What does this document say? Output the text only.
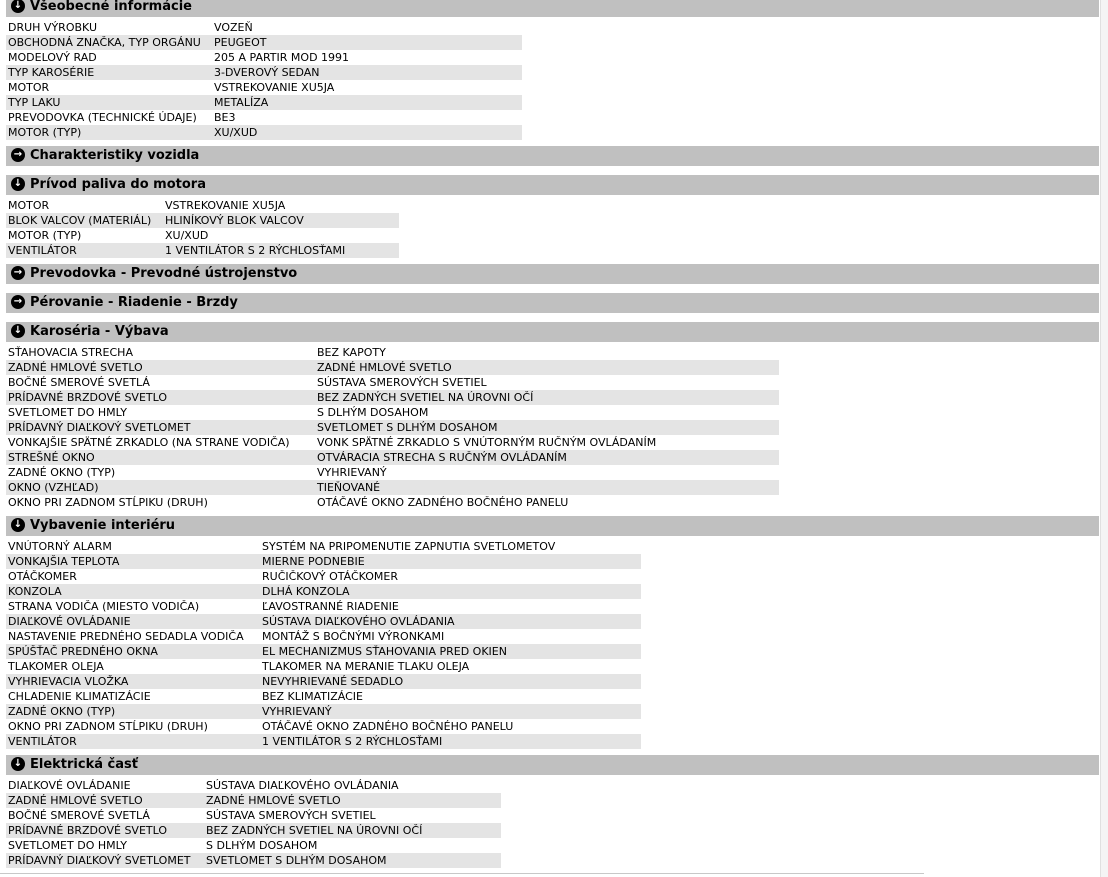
↓ Všeobecné informácie
DRUH VÝROBKU	VOZEŇ
OBCHODNÁ ZNAČKA, TYP ORGÁNU	PEUGEOT
MODELOVÝ RAD	205 A PARTIR MOD 1991
TYP KAROSÉRIE	3-DVEROVÝ SEDAN
MOTOR	VSTREKOVANIE XU5JA
TYP LAKU	METALÍZA
PREVODOVKA (TECHNICKÉ ÚDAJE)	BE3
MOTOR (TYP)	XU/XUD
→ Charakteristiky vozidla
↓ Prívod paliva do motora
MOTOR	VSTREKOVANIE XU5JA
BLOK VALCOV (MATERIÁL)	HLINÍKOVÝ BLOK VALCOV
MOTOR (TYP)	XU/XUD
VENTILÁTOR	1 VENTILÁTOR S 2 RÝCHLOSŤAMI
→ Prevodovka - Prevodné ústrojenstvo
→ Pérovanie - Riadenie - Brzdy
↓ Karoséria - Výbava
SŤAHOVACIA STRECHA	BEZ KAPOTY
ZADNÉ HMLOVÉ SVETLO	ZADNÉ HMLOVÉ SVETLO
BOČNÉ SMEROVÉ SVETLÁ	SÚSTAVA SMEROVÝCH SVETIEL
PRÍDAVNÉ BRZDOVÉ SVETLO	BEZ ZADNÝCH SVETIEL NA ÚROVNI OČÍ
SVETLOMET DO HMLY	S DLHÝM DOSAHOM
PRÍDAVNÝ DIAĽKOVÝ SVETLOMET	SVETLOMET S DLHÝM DOSAHOM
VONKAJŠIE SPÄTNÉ ZRKADLO (NA STRANE VODIČA)	VONK SPÄTNÉ ZRKADLO S VNÚTORNÝM RUČNÝM OVLÁDANÍM
STREŠNÉ OKNO	OTVÁRACIA STRECHA S RUČNÝM OVLÁDANÍM
ZADNÉ OKNO (TYP)	VYHRIEVANÝ
OKNO (VZHĽAD)	TIEŇOVANÉ
OKNO PRI ZADNOM STĹPIKU (DRUH)	OTÁČAVÉ OKNO ZADNÉHO BOČNÉHO PANELU
↓ Vybavenie interiéru
VNÚTORNÝ ALARM	SYSTÉM NA PRIPOMENUTIE ZAPNUTIA SVETLOMETOV
VONKAJŠIA TEPLOTA	MIERNE PODNEBIE
OTÁČKOMER	RUČIČKOVÝ OTÁČKOMER
KONZOLA	DLHÁ KONZOLA
STRANA VODIČA (MIESTO VODIČA)	ĽAVOSTRANNÉ RIADENIE
DIAĽKOVÉ OVLÁDANIE	SÚSTAVA DIAĽKOVÉHO OVLÁDANIA
NASTAVENIE PREDNÉHO SEDADLA VODIČA	MONTÁŽ S BOČNÝMI VÝRONKAMI
SPÚŠŤAČ PREDNÉHO OKNA	EL MECHANIZMUS SŤAHOVANIA PRED OKIEN
TLAKOMER OLEJA	TLAKOMER NA MERANIE TLAKU OLEJA
VYHRIEVACIA VLOŽKA	NEVYHRIEVANÉ SEDADLO
CHLADENIE KLIMATIZÁCIE	BEZ KLIMATIZÁCIE
ZADNÉ OKNO (TYP)	VYHRIEVANÝ
OKNO PRI ZADNOM STĹPIKU (DRUH)	OTÁČAVÉ OKNO ZADNÉHO BOČNÉHO PANELU
VENTILÁTOR	1 VENTILÁTOR S 2 RÝCHLOSŤAMI
↓ Elektrická časť
DIAĽKOVÉ OVLÁDANIE	SÚSTAVA DIAĽKOVÉHO OVLÁDANIA
ZADNÉ HMLOVÉ SVETLO	ZADNÉ HMLOVÉ SVETLO
BOČNÉ SMEROVÉ SVETLÁ	SÚSTAVA SMEROVÝCH SVETIEL
PRÍDAVNÉ BRZDOVÉ SVETLO	BEZ ZADNÝCH SVETIEL NA ÚROVNI OČÍ
SVETLOMET DO HMLY	S DLHÝM DOSAHOM
PRÍDAVNÝ DIAĽKOVÝ SVETLOMET	SVETLOMET S DLHÝM DOSAHOM
